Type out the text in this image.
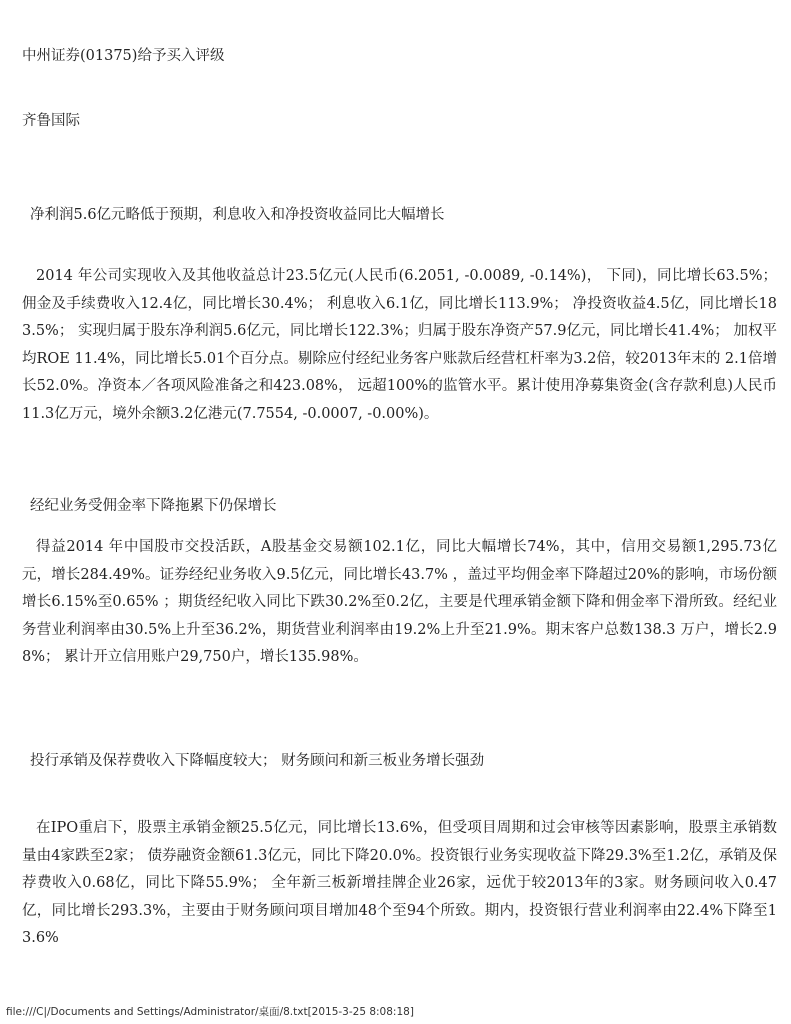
中州证券(01375)给予买入评级
齐鲁国际
净利润5.6亿元略低于预期，利息收入和净投资收益同比大幅增长
2014 年公司实现收入及其他收益总计23.5亿元(人民币(6.2051, -0.0089, -0.14%)， 下同)，同比增长63.5%；佣金及手续费收入12.4亿，同比增长30.4%； 利息收入6.1亿，同比增长113.9%； 净投资收益4.5亿，同比增长183.5%； 实现归属于股东净利润5.6亿元，同比增长122.3%；归属于股东净资产57.9亿元，同比增长41.4%； 加权平均ROE 11.4%，同比增长5.01个百分点。剔除应付经纪业务客户账款后经营杠杆率为3.2倍，较2013年末的 2.1倍增长52.0%。净资本／各项风险准备之和423.08%， 远超100%的监管水平。累计使用净募集资金(含存款利息)人民币 11.3亿万元，境外余额3.2亿港元(7.7554, -0.0007, -0.00%)。
经纪业务受佣金率下降拖累下仍保增长
得益2014 年中国股市交投活跃，A股基金交易额102.1亿，同比大幅增长74%，其中，信用交易额1,295.73亿元，增长284.49%。证券经纪业务收入9.5亿元，同比增长43.7% ，盖过平均佣金率下降超过20%的影响，市场份额增长6.15%至0.65% ；期货经纪收入同比下跌30.2%至0.2亿，主要是代理承销金额下降和佣金率下滑所致。经纪业务营业利润率由30.5%上升至36.2%，期货营业利润率由19.2%上升至21.9%。期末客户总数138.3 万户，增长2.98%； 累计开立信用账户29,750户，增长135.98%。
投行承销及保荐费收入下降幅度较大； 财务顾问和新三板业务增长强劲
在IPO重启下，股票主承销金额25.5亿元，同比增长13.6%，但受项目周期和过会审核等因素影响，股票主承销数量由4家跌至2家； 债券融资金额61.3亿元，同比下降20.0%。投资银行业务实现收益下降29.3%至1.2亿，承销及保荐费收入0.68亿，同比下降55.9%； 全年新三板新增挂牌企业26家，远优于较2013年的3家。财务顾问收入0.47亿，同比增长293.3%，主要由于财务顾问项目增加48个至94个所致。期内，投资银行营业利润率由22.4%下降至13.6%
file:///C|/Documents and Settings/Administrator/桌面/8.txt[2015-3-25 8:08:18]
